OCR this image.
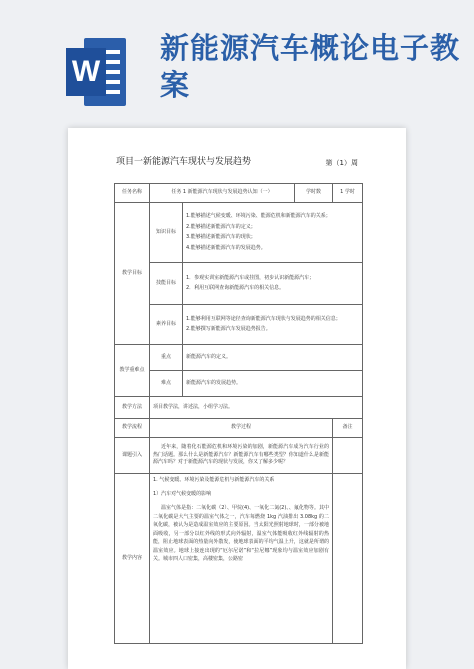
W
新能源汽车概论电子教案
项目一新能源汽车现状与发展趋势	第（1）周
任务名称	任务 1 新能源汽车现状与发展趋势认知（一）		学时数	1 学时
教学目标	知识目标	1.能够描述气候变暖、环境污染、能源危机和新能源汽车的关系；

2.能够描述新能源汽车的定义；

3.能够描述新能源汽车的现状；

4.能够描述新能源汽车的发展趋势。		

	技能目标	1．参观实训室新能源汽车或挂图，初步认识新能源汽车；

2．利用互联网查询新能源汽车的相关信息。		

	素养目标	1.能够利用互联网等途径查询新能源汽车现状与发展趋势的相关信息；

2.能够撰写新能源汽车发展趋势报告。		

教学重难点	重点	新能源汽车的定义。		
	难点	新能源汽车的发展趋势。		
教学方法	项目教学法，讲述法，小组学习法。			
教学流程	教学过程			备注
课题引入	近年来，随着化石能源危机和环境污染的加剧，新能源汽车成为汽车行业的热门话题。那么什么是新能源汽车？新能源汽车有哪些类型？你知道什么是新能源汽车吗？对于新能源汽车的现状与发展，你又了解多少呢？			

教学内容	1. 气候变暖、环境污染及能源危机与新能源汽车的关系

1）汽车对气候变暖的影响

温室气体是指：二氧化碳（2）、甲烷(4)、一氧化二氮(2)、、氟化物等。其中二氧化碳是大气主要的温室气体之一，汽车每燃烧 1kg 汽油排出 3.08kg 的二氧化碳，被认为是造成温室效应的主要原因。当太阳光照射地球时，一部分被地面吸收，另一部分以红外线的形式向外辐射，温室气体能吸收红外线辐射的热能，阻止地球表面的热量向外散发，使地球表面的平均气温上升，这就是所谓的温室效应。地球上接连出现的“厄尔尼诺”和“拉尼娜”现象均与温室效应加剧有关。城市四人口密集，高楼密集，公路密			
